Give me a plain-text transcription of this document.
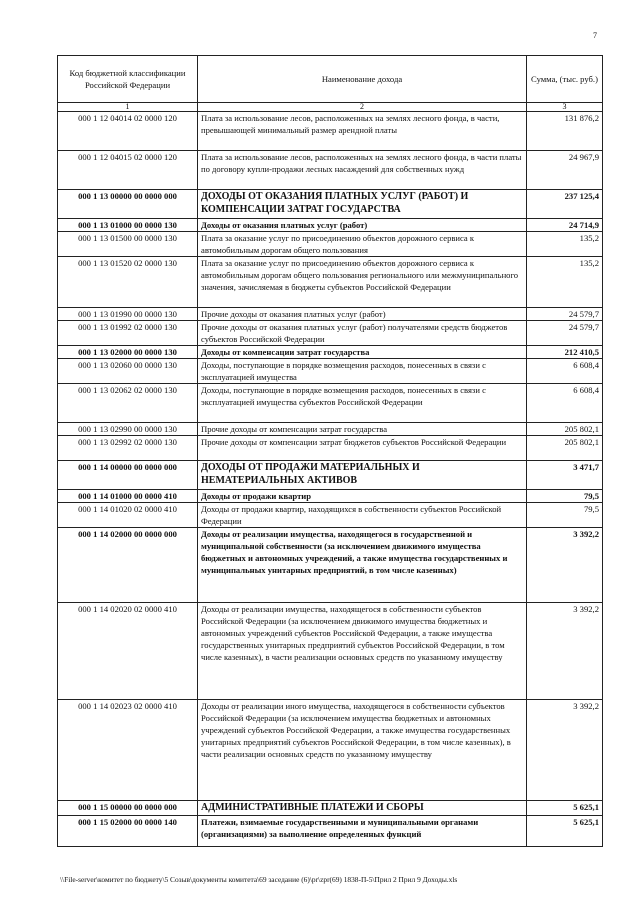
7
Код бюджетной классификации Российской Федерации	Наименование дохода	Сумма, (тыс. руб.)
1	2	3
000 1 12 04014 02 0000 120	Плата за использование лесов, расположенных на землях лесного фонда, в части, превышающей минимальный размер арендной платы	131 876,2
000 1 12 04015 02 0000 120	Плата за использование лесов, расположенных на землях лесного фонда, в части платы по договору купли-продажи лесных насаждений для собственных нужд	24 967,9
000 1 13 00000 00 0000 000	ДОХОДЫ ОТ ОКАЗАНИЯ ПЛАТНЫХ УСЛУГ (РАБОТ) И КОМПЕНСАЦИИ ЗАТРАТ ГОСУДАРСТВА	237 125,4
000 1 13 01000 00 0000 130	Доходы от оказания платных услуг (работ)	24 714,9
000 1 13 01500 00 0000 130	Плата за оказание услуг по присоединению объектов дорожного сервиса к автомобильным дорогам общего пользования	135,2
000 1 13 01520 02 0000 130	Плата за оказание услуг по присоединению объектов дорожного сервиса к автомобильным дорогам общего пользования регионального или межмуниципального значения, зачисляемая в бюджеты субъектов Российской Федерации	135,2
000 1 13 01990 00 0000 130	Прочие доходы от оказания платных услуг (работ)	24 579,7
000 1 13 01992 02 0000 130	Прочие доходы от оказания платных услуг (работ) получателями средств бюджетов субъектов Российской Федерации	24 579,7
000 1 13 02000 00 0000 130	Доходы от компенсации затрат государства	212 410,5
000 1 13 02060 00 0000 130	Доходы, поступающие в порядке возмещения расходов, понесенных в связи с эксплуатацией имущества	6 608,4
000 1 13 02062 02 0000 130	Доходы, поступающие в порядке возмещения расходов, понесенных в связи с эксплуатацией имущества субъектов Российской Федерации	6 608,4
000 1 13 02990 00 0000 130	Прочие доходы от компенсации затрат государства	205 802,1
000 1 13 02992 02 0000 130	Прочие доходы от компенсации затрат бюджетов субъектов Российской Федерации	205 802,1
000 1 14 00000 00 0000 000	ДОХОДЫ ОТ ПРОДАЖИ МАТЕРИАЛЬНЫХ И НЕМАТЕРИАЛЬНЫХ АКТИВОВ	3 471,7
000 1 14 01000 00 0000 410	Доходы от продажи квартир	79,5
000 1 14 01020 02 0000 410	Доходы от продажи квартир, находящихся в собственности субъектов Российской Федерации	79,5
000 1 14 02000 00 0000 000	Доходы от реализации имущества, находящегося в государственной и муниципальной собственности (за исключением движимого имущества бюджетных и автономных учреждений, а также имущества государственных и муниципальных унитарных предприятий, в том числе казенных)	3 392,2
000 1 14 02020 02 0000 410	Доходы от реализации имущества, находящегося в собственности субъектов Российской Федерации (за исключением движимого имущества бюджетных и автономных учреждений субъектов Российской Федерации, а также имущества государственных унитарных предприятий субъектов Российской Федерации, в том числе казенных), в части реализации основных средств по указанному имуществу	3 392,2
000 1 14 02023 02 0000 410	Доходы от реализации иного имущества, находящегося в собственности субъектов Российской Федерации (за исключением имущества бюджетных и автономных учреждений субъектов Российской Федерации, а также имущества государственных унитарных предприятий субъектов Российской Федерации, в том числе казенных), в части реализации основных средств по указанному имуществу	3 392,2
000 1 15 00000 00 0000 000	АДМИНИСТРАТИВНЫЕ ПЛАТЕЖИ И СБОРЫ	5 625,1
000 1 15 02000 00 0000 140	Платежи, взимаемые государственными и муниципальными органами (организациями) за выполнение определенных функций	5 625,1
\\File-server\комитет по бюджету\5 Созыв\документы комитета\69 заседание (6)\pr\zpr(69) 1838-П-5\Прил 2 Прил 9 Доходы.xls
